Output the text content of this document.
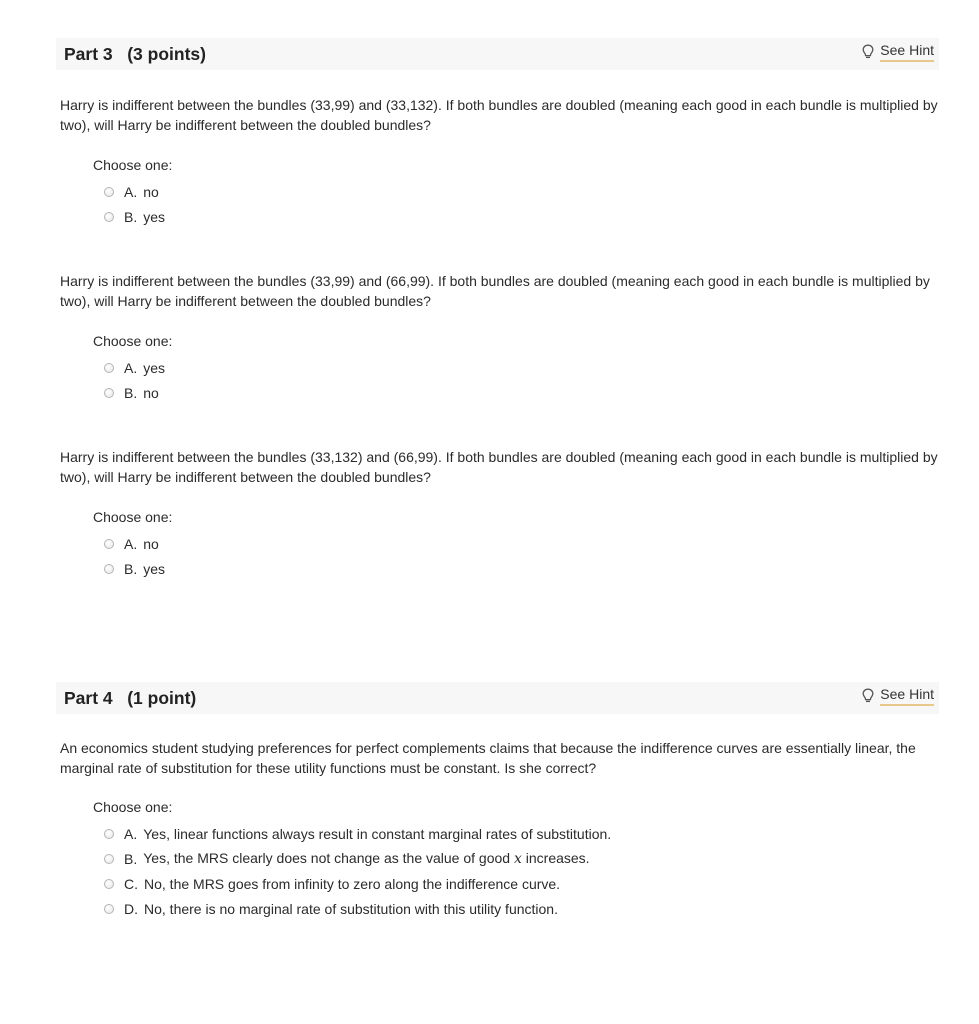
Part 3   (3 points)	See Hint
Harry is indifferent between the bundles (33,99) and (33,132). If both bundles are doubled (meaning each good in each bundle is multiplied by two), will Harry be indifferent between the doubled bundles?
Choose one:
A. no
B. yes
Harry is indifferent between the bundles (33,99) and (66,99). If both bundles are doubled (meaning each good in each bundle is multiplied by two), will Harry be indifferent between the doubled bundles?
Choose one:
A. yes
B. no
Harry is indifferent between the bundles (33,132) and (66,99). If both bundles are doubled (meaning each good in each bundle is multiplied by two), will Harry be indifferent between the doubled bundles?
Choose one:
A. no
B. yes
Part 4   (1 point)	See Hint
An economics student studying preferences for perfect complements claims that because the indifference curves are essentially linear, the marginal rate of substitution for these utility functions must be constant. Is she correct?
Choose one:
A. Yes, linear functions always result in constant marginal rates of substitution.
B. Yes, the MRS clearly does not change as the value of good x increases.
C. No, the MRS goes from infinity to zero along the indifference curve.
D. No, there is no marginal rate of substitution with this utility function.
